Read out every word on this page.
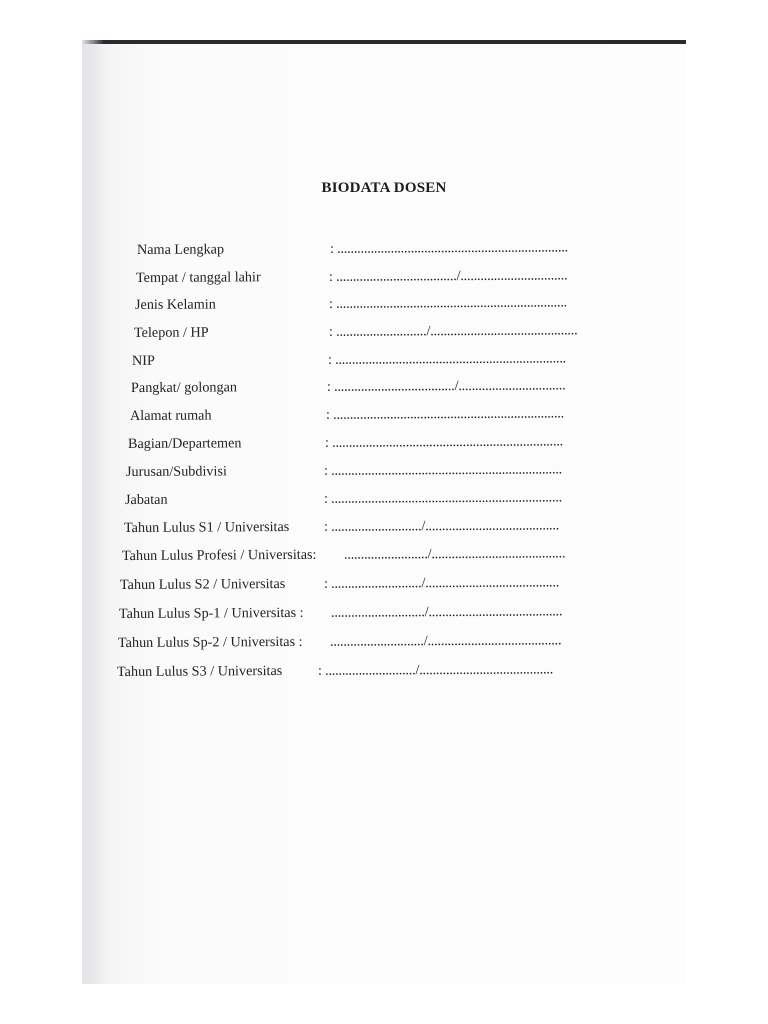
BIODATA DOSEN
Nama Lengkap	: .....................................................................
Tempat / tanggal lahir	: ..................................../................................
Jenis Kelamin	: .....................................................................
Telepon / HP	: .........................../............................................
NIP	: .....................................................................
Pangkat/ golongan	: ..................................../................................
Alamat rumah	: .....................................................................
Bagian/Departemen	: .....................................................................
Jurusan/Subdivisi	: .....................................................................
Jabatan	: .....................................................................
Tahun Lulus S1 / Universitas : .........................../........................................
Tahun Lulus Profesi / Universitas: ........................./........................................
Tahun Lulus S2 / Universitas	: .........................../........................................
Tahun Lulus Sp-1 / Universitas : ............................/........................................
Tahun Lulus Sp-2 / Universitas : ............................/........................................
Tahun Lulus S3 / Universitas	: .........................../........................................
